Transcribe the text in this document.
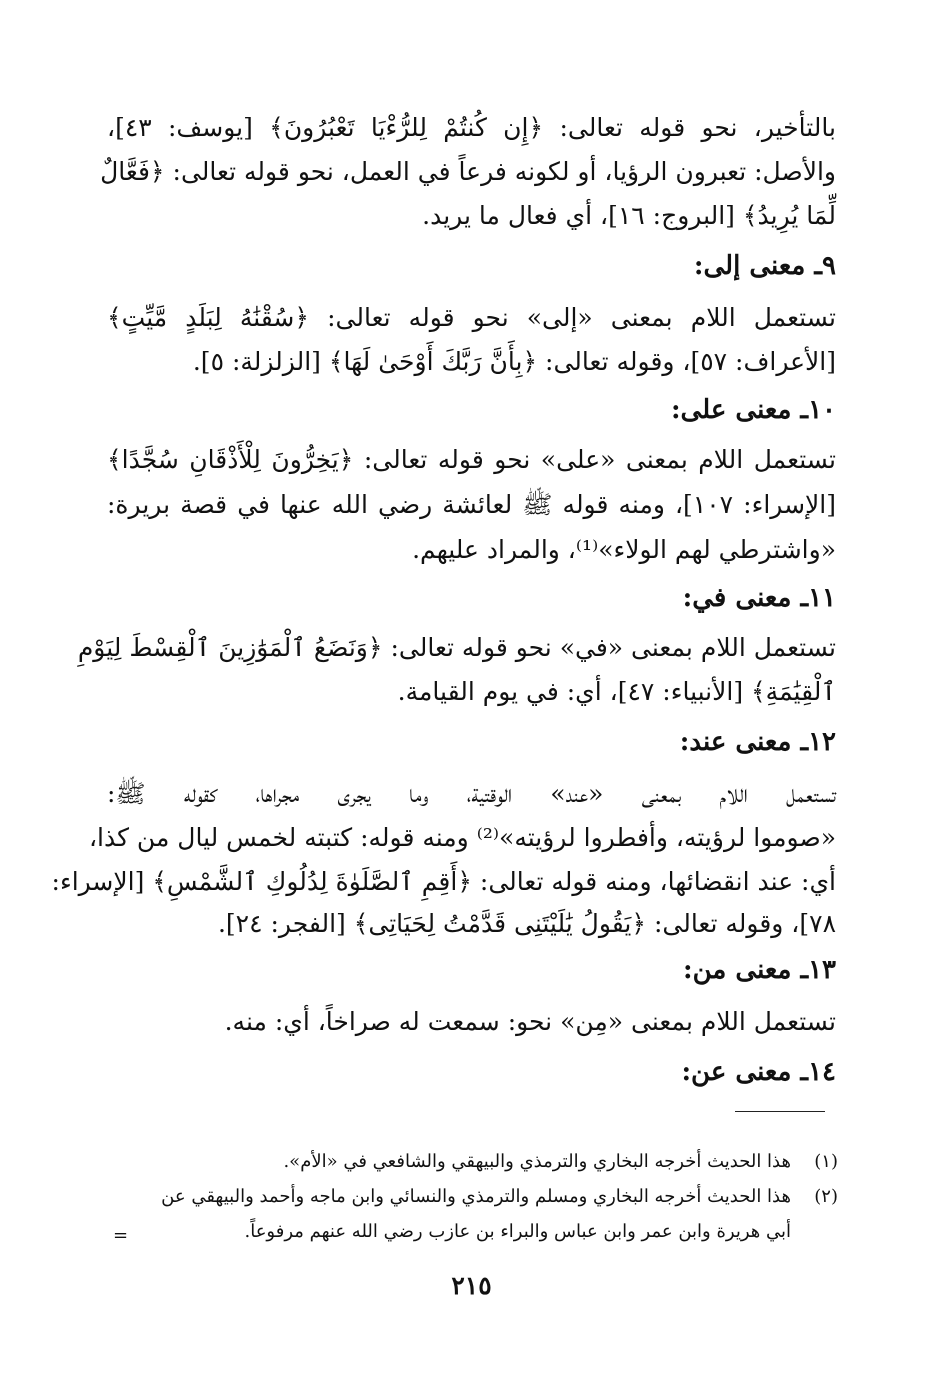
بالتأخير، نحو قوله تعالى: ﴿إِن كُنتُمْ لِلرُّءْيَا تَعْبُرُونَ﴾ [يوسف: ٤٣]،
والأصل: تعبرون الرؤيا، أو لكونه فرعاً في العمل، نحو قوله تعالى: ﴿فَعَّالٌ
لِّمَا يُرِيدُ﴾ [البروج: ١٦]، أي فعال ما يريد.
٩ـ معنى إلى:
تستعمل اللام بمعنى «إلى» نحو قوله تعالى: ﴿سُقْنَٰهُ لِبَلَدٍ مَّيِّتٍ﴾
[الأعراف: ٥٧]، وقوله تعالى: ﴿بِأَنَّ رَبَّكَ أَوْحَىٰ لَهَا﴾ [الزلزلة: ٥].
١٠ـ معنى على:
تستعمل اللام بمعنى «على» نحو قوله تعالى: ﴿يَخِرُّونَ لِلْأَذْقَانِ سُجَّدًا﴾
[الإسراء: ١٠٧]، ومنه قوله ﷺ لعائشة رضي الله عنها في قصة بريرة:
«واشترطي لهم الولاء»⁽¹⁾، والمراد عليهم.
١١ـ معنى في:
تستعمل اللام بمعنى «في» نحو قوله تعالى: ﴿وَنَضَعُ ٱلْمَوَٰزِينَ ٱلْقِسْطَ لِيَوْمِ
ٱلْقِيَٰمَةِ﴾ [الأنبياء: ٤٧]، أي: في يوم القيامة.
١٢ـ معنى عند:
تستعمل اللام بمعنى «عند» الوقتية، وما يجرى مجراها، كقوله ﷺ:
«صوموا لرؤيته، وأفطروا لرؤيته»⁽²⁾ ومنه قوله: كتبته لخمس ليال من كذا،
أي: عند انقضائها، ومنه قوله تعالى: ﴿أَقِمِ ٱلصَّلَوٰةَ لِدُلُوكِ ٱلشَّمْسِ﴾ [الإسراء:
٧٨]، وقوله تعالى: ﴿يَقُولُ يَٰلَيْتَنِى قَدَّمْتُ لِحَيَاتِى﴾ [الفجر: ٢٤].
١٣ـ معنى من:
تستعمل اللام بمعنى «مِن» نحو: سمعت له صراخاً، أي: منه.
١٤ـ معنى عن:
(١)
هذا الحديث أخرجه البخاري والترمذي والبيهقي والشافعي في «الأم».
(٢)
هذا الحديث أخرجه البخاري ومسلم والترمذي والنسائي وابن ماجه وأحمد والبيهقي عن
أبي هريرة وابن عمر وابن عباس والبراء بن عازب رضي الله عنهم مرفوعاً.
=
٢١٥
